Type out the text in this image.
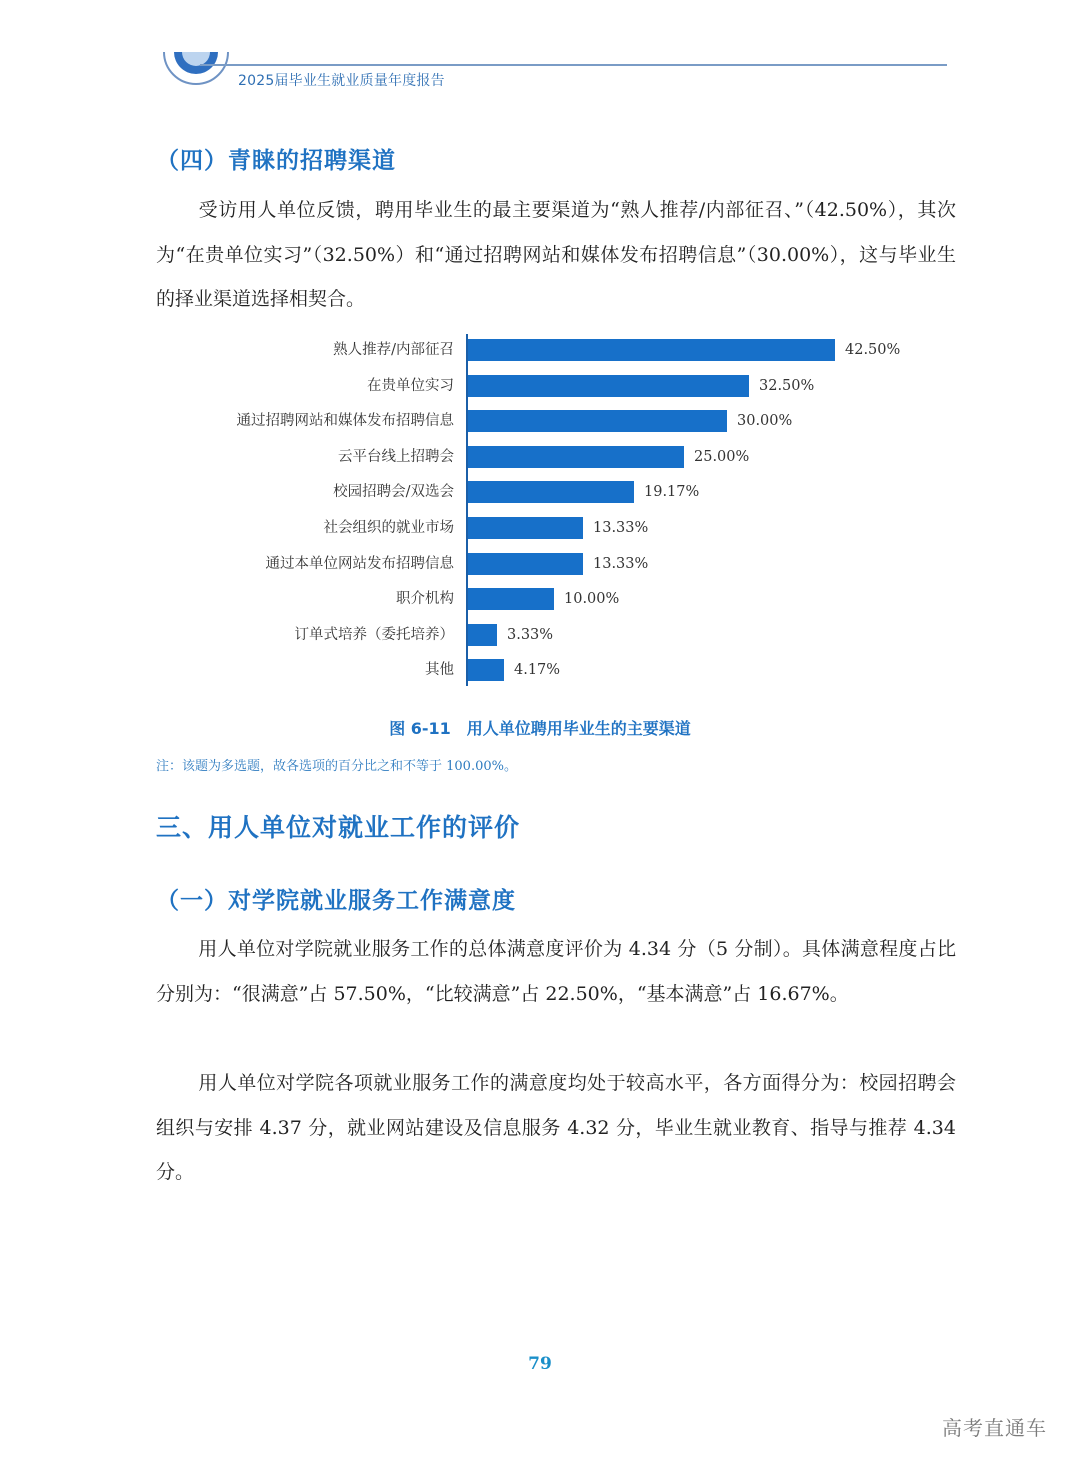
2025届毕业生就业质量年度报告
（四）青睐的招聘渠道
受访用人单位反馈，聘用毕业生的最主要渠道为“熟人推荐/内部征召、”（42.50%），其次为“在贵单位实习”（32.50%）和“通过招聘网站和媒体发布招聘信息”（30.00%），这与毕业生的择业渠道选择相契合。
熟人推荐/内部征召	42.50%
在贵单位实习	32.50%
通过招聘网站和媒体发布招聘信息	30.00%
云平台线上招聘会	25.00%
校园招聘会/双选会	19.17%
社会组织的就业市场	13.33%
通过本单位网站发布招聘信息	13.33%
职介机构	10.00%
订单式培养（委托培养）	3.33%
其他	4.17%
图 6-11　用人单位聘用毕业生的主要渠道
注：该题为多选题，故各选项的百分比之和不等于 100.00%。
三、用人单位对就业工作的评价
（一）对学院就业服务工作满意度
用人单位对学院就业服务工作的总体满意度评价为 4.34 分（5 分制）。具体满意程度占比分别为：“很满意”占 57.50%，“比较满意”占 22.50%，“基本满意”占 16.67%。
用人单位对学院各项就业服务工作的满意度均处于较高水平，各方面得分为：校园招聘会组织与安排 4.37 分，就业网站建设及信息服务 4.32 分，毕业生就业教育、指导与推荐 4.34 分。
79
高考直通车
